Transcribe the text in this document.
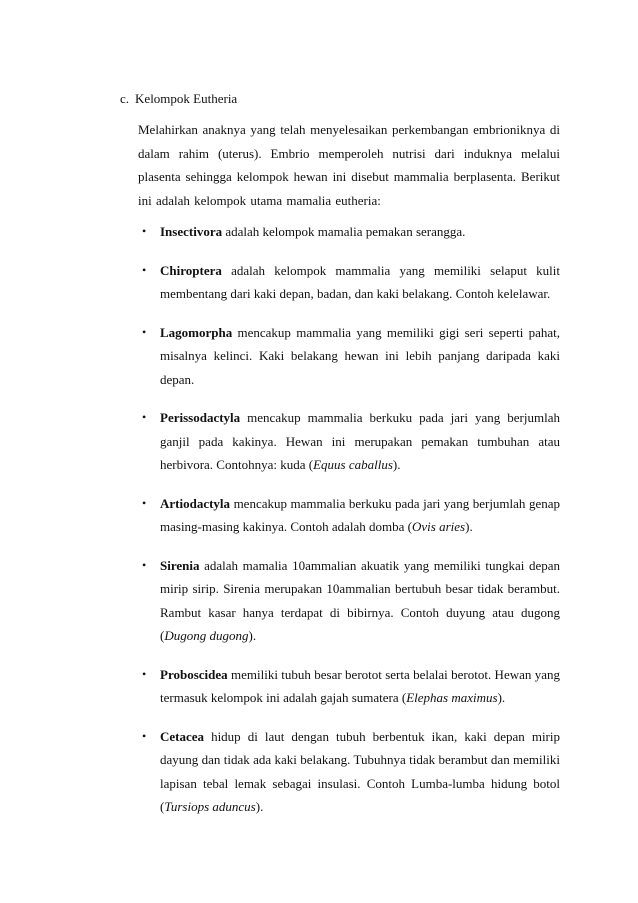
c. Kelompok Eutheria

Melahirkan anaknya yang telah menyelesaikan perkembangan embrioniknya di dalam rahim (uterus). Embrio memperoleh nutrisi dari induknya melalui plasenta sehingga kelompok hewan ini disebut mammalia berplasenta. Berikut ini adalah kelompok utama mamalia eutheria:

• Insectivora adalah kelompok mamalia pemakan serangga.
• Chiroptera adalah kelompok mammalia yang memiliki selaput kulit membentang dari kaki depan, badan, dan kaki belakang. Contoh kelelawar.
• Lagomorpha mencakup mammalia yang memiliki gigi seri seperti pahat, misalnya kelinci. Kaki belakang hewan ini lebih panjang daripada kaki depan.
• Perissodactyla mencakup mammalia berkuku pada jari yang berjumlah ganjil pada kakinya. Hewan ini merupakan pemakan tumbuhan atau herbivora. Contohnya: kuda (Equus caballus).
• Artiodactyla mencakup mammalia berkuku pada jari yang berjumlah genap masing-masing kakinya. Contoh adalah domba (Ovis aries).
• Sirenia adalah mamalia 10ammalian akuatik yang memiliki tungkai depan mirip sirip. Sirenia merupakan 10ammalian bertubuh besar tidak berambut. Rambut kasar hanya terdapat di bibirnya. Contoh duyung atau dugong (Dugong dugong).
• Proboscidea memiliki tubuh besar berotot serta belalai berotot. Hewan yang termasuk kelompok ini adalah gajah sumatera (Elephas maximus).
• Cetacea hidup di laut dengan tubuh berbentuk ikan, kaki depan mirip dayung dan tidak ada kaki belakang. Tubuhnya tidak berambut dan memiliki lapisan tebal lemak sebagai insulasi. Contoh Lumba-lumba hidung botol (Tursiops aduncus).
